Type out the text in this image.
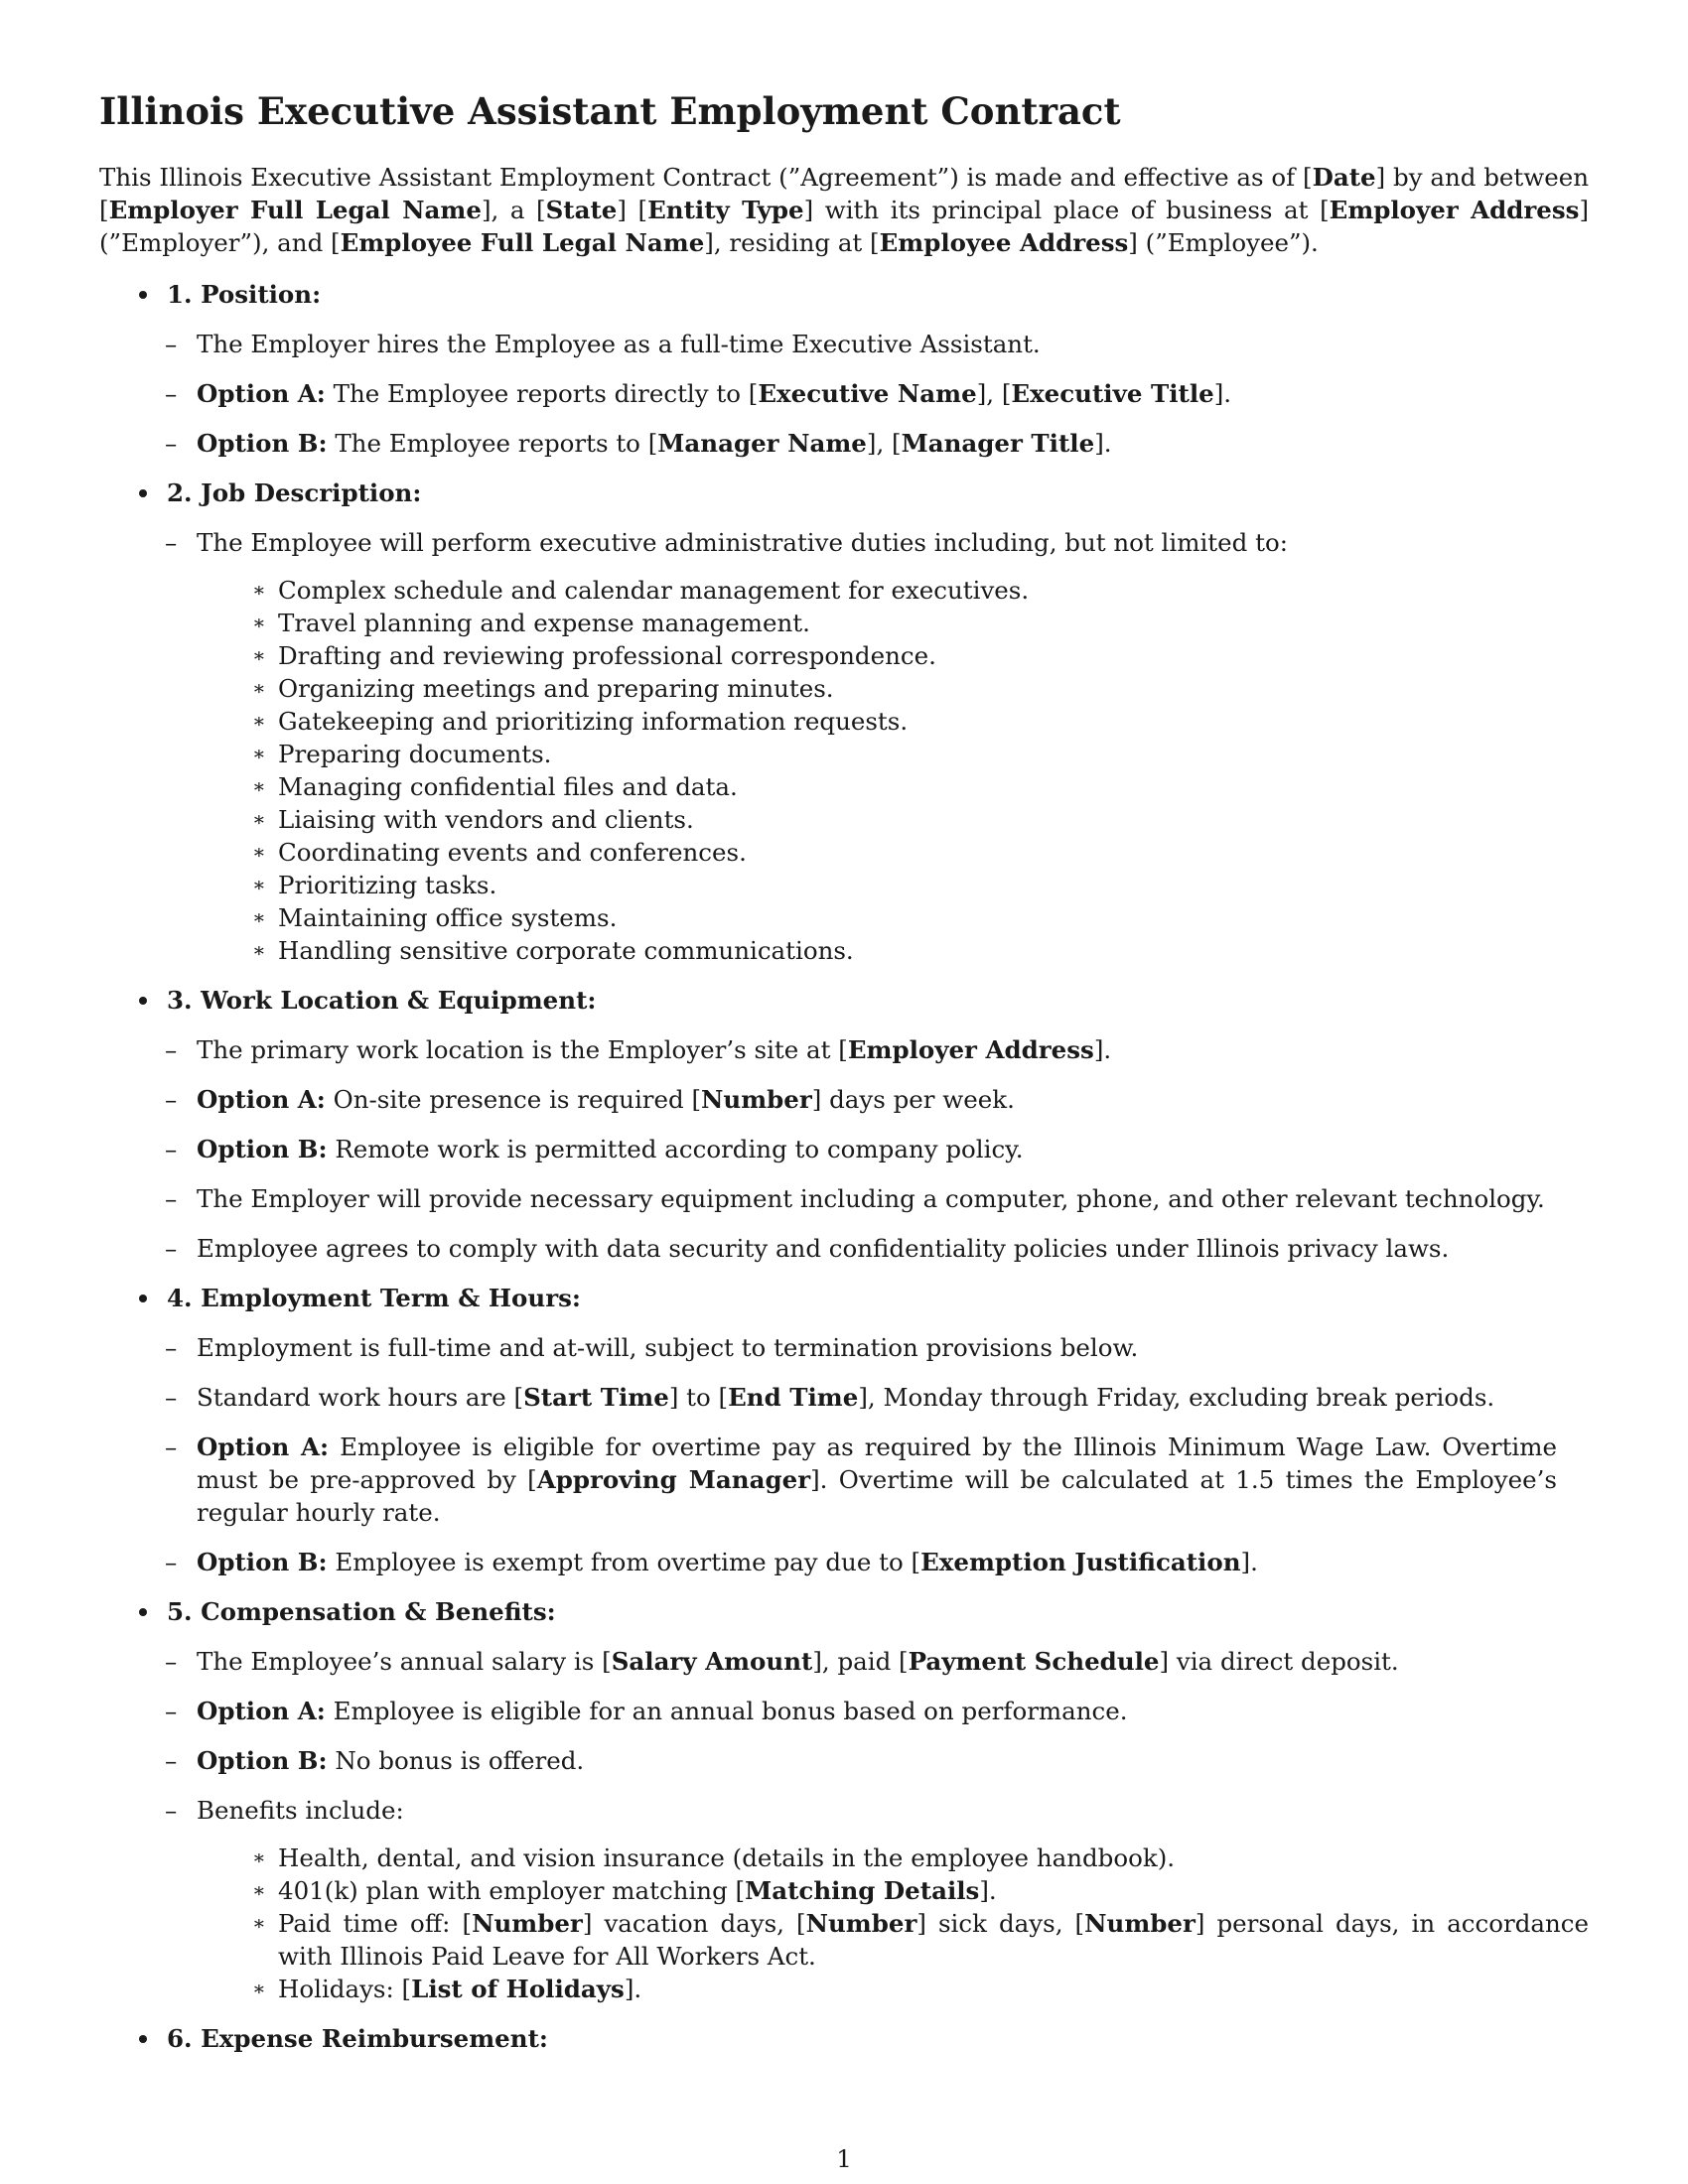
Illinois Executive Assistant Employment Contract

This Illinois Executive Assistant Employment Contract (”Agreement”) is made and effective as of [Date] by and between [Employer Full Legal Name], a [State] [Entity Type] with its principal place of business at [Employer Address] (”Employer”), and [Employee Full Legal Name], residing at [Employee Address] (”Employee”).

1. Position:
– The Employer hires the Employee as a full-time Executive Assistant.
– Option A: The Employee reports directly to [Executive Name], [Executive Title].
– Option B: The Employee reports to [Manager Name], [Manager Title].
2. Job Description:
– The Employee will perform executive administrative duties including, but not limited to:
∗ Complex schedule and calendar management for executives.
∗ Travel planning and expense management.
∗ Drafting and reviewing professional correspondence.
∗ Organizing meetings and preparing minutes.
∗ Gatekeeping and prioritizing information requests.
∗ Preparing documents.
∗ Managing confidential files and data.
∗ Liaising with vendors and clients.
∗ Coordinating events and conferences.
∗ Prioritizing tasks.
∗ Maintaining office systems.
∗ Handling sensitive corporate communications.
3. Work Location & Equipment:
– The primary work location is the Employer’s site at [Employer Address].
– Option A: On-site presence is required [Number] days per week.
– Option B: Remote work is permitted according to company policy.
– The Employer will provide necessary equipment including a computer, phone, and other relevant technology.
– Employee agrees to comply with data security and confidentiality policies under Illinois privacy laws.
4. Employment Term & Hours:
– Employment is full-time and at-will, subject to termination provisions below.
– Standard work hours are [Start Time] to [End Time], Monday through Friday, excluding break periods.
– Option A: Employee is eligible for overtime pay as required by the Illinois Minimum Wage Law. Overtime must be pre-approved by [Approving Manager]. Overtime will be calculated at 1.5 times the Employee’s regular hourly rate.
– Option B: Employee is exempt from overtime pay due to [Exemption Justification].
5. Compensation & Benefits:
– The Employee’s annual salary is [Salary Amount], paid [Payment Schedule] via direct deposit.
– Option A: Employee is eligible for an annual bonus based on performance.
– Option B: No bonus is offered.
– Benefits include:
∗ Health, dental, and vision insurance (details in the employee handbook).
∗ 401(k) plan with employer matching [Matching Details].
∗ Paid time off: [Number] vacation days, [Number] sick days, [Number] personal days, in accordance with Illinois Paid Leave for All Workers Act.
∗ Holidays: [List of Holidays].
6. Expense Reimbursement:
1
